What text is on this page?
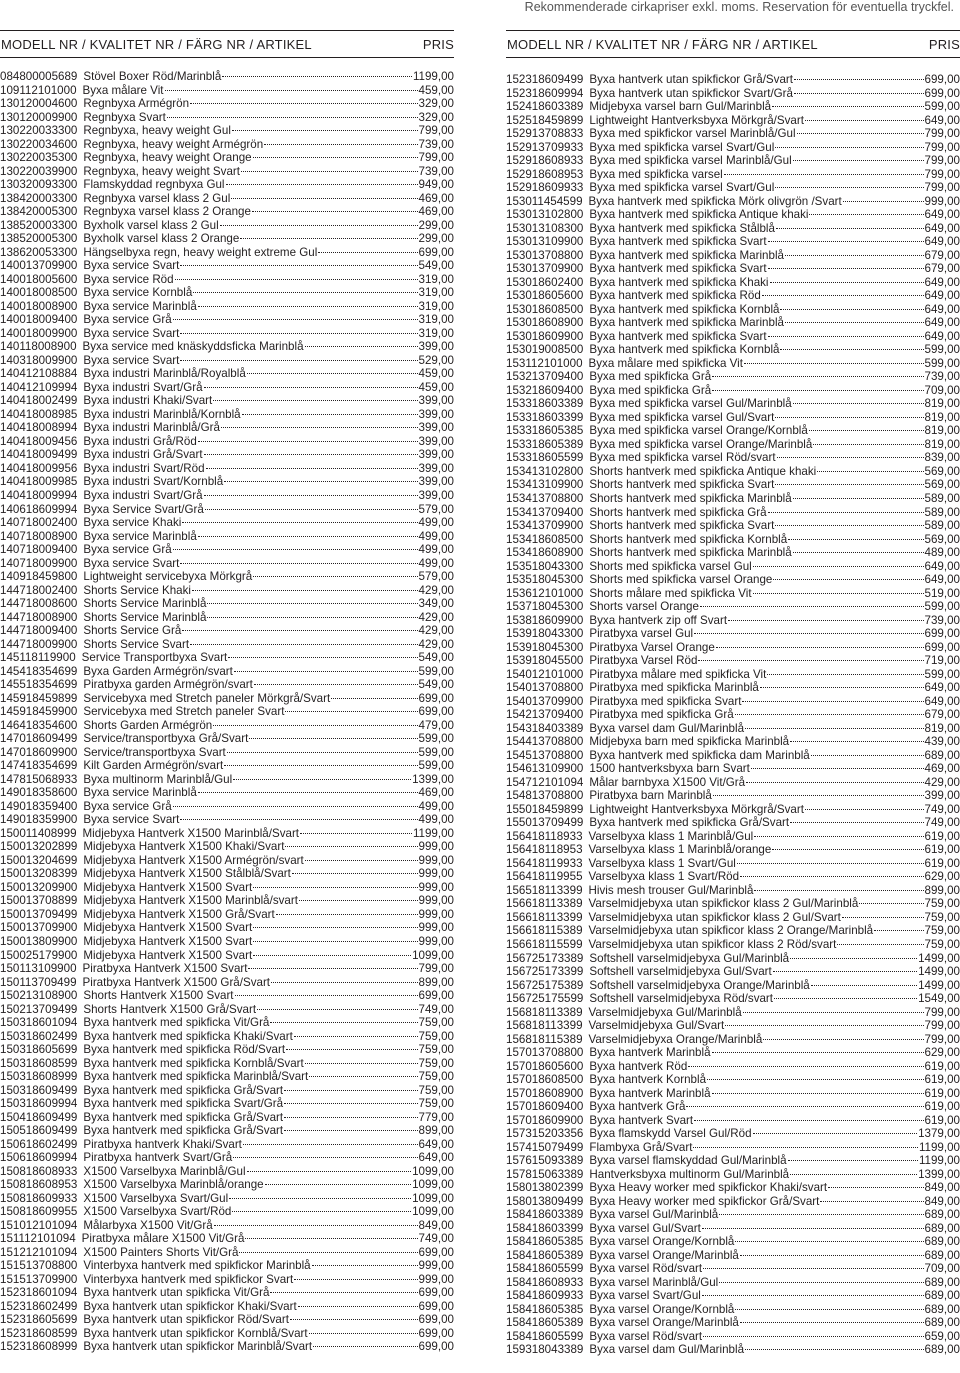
Rekommenderade cirkapriser exkl. moms. Reservation för eventuella tryckfel.
MODELL NR / KVALITET NR / FÄRG NR / ARTIKEL	PRIS
084800005689 Stövel Boxer Röd/Marinblå	1199,00
109112101000 Byxa målare Vit	459,00
130120004600 Regnbyxa Armégrön	329,00
130120009900 Regnbyxa Svart	329,00
130220033300 Regnbyxa, heavy weight Gul	799,00
130220034600 Regnbyxa, heavy weight Armégrön	739,00
130220035300 Regnbyxa, heavy weight Orange	799,00
130220039900 Regnbyxa, heavy weight Svart	739,00
130320093300 Flamskyddad regnbyxa Gul	949,00
138420003300 Regnbyxa varsel klass 2 Gul	469,00
138420005300 Regnbyxa varsel klass 2 Orange	469,00
138520003300 Byxholk varsel klass 2 Gul	299,00
138520005300 Byxholk varsel klass 2 Orange	299,00
138620053300 Hängselbyxa regn, heavy weight extreme Gul	699,00
140013709900 Byxa service Svart	549,00
140018005600 Byxa service Röd	319,00
140018008500 Byxa service Kornblå	319,00
140018008900 Byxa service Marinblå	319,00
140018009400 Byxa service Grå	319,00
140018009900 Byxa service Svart	319,00
140118008900 Byxa service med knäskyddsficka Marinblå	399,00
140318009900 Byxa service Svart	529,00
140412108884 Byxa industri Marinblå/Royalblå	459,00
140412109994 Byxa industri Svart/Grå	459,00
140418002499 Byxa industri Khaki/Svart	399,00
140418008985 Byxa industri Marinblå/Kornblå	399,00
140418008994 Byxa industri Marinblå/Grå	399,00
140418009456 Byxa industri Grå/Röd	399,00
140418009499 Byxa industri Grå/Svart	399,00
140418009956 Byxa industri Svart/Röd	399,00
140418009985 Byxa industri Svart/Kornblå	399,00
140418009994 Byxa industri Svart/Grå	399,00
140618609994 Byxa Service Svart/Grå	579,00
140718002400 Byxa service Khaki	499,00
140718008900 Byxa service Marinblå	499,00
140718009400 Byxa service Grå	499,00
140718009900 Byxa service Svart	499,00
140918459800 Lightweight servicebyxa Mörkgrå	579,00
144718002400 Shorts Service Khaki	429,00
144718008600 Shorts Service Marinblå	349,00
144718008900 Shorts Service Marinblå	429,00
144718009400 Shorts Service Grå	429,00
144718009900 Shorts Service Svart	429,00
145118119900 Service Transportbyxa Svart	549,00
145418354699 Byxa Garden Armégrön/svart	599,00
145518354699 Piratbyxa garden Armégrön/svart	549,00
145918459899 Servicebyxa med Stretch paneler Mörkgrå/Svart	699,00
145918459900 Servicebyxa med Stretch paneler Svart	699,00
146418354600 Shorts Garden Armégrön	479,00
147018609499 Service/transportbyxa Grå/Svart	599,00
147018609900 Service/transportbyxa Svart	599,00
147418354699 Kilt Garden Armégrön/svart	599,00
147815068933 Byxa multinorm Marinblå/Gul	1399,00
149018358600 Byxa service Marinblå	469,00
149018359400 Byxa service Grå	499,00
149018359900 Byxa service Svart	499,00
150011408999 Midjebyxa Hantverk X1500 Marinblå/Svart	1199,00
150013202899 Midjebyxa Hantverk X1500 Khaki/Svart	999,00
150013204699 Midjebyxa Hantverk X1500 Armégrön/svart	999,00
150013208399 Midjebyxa Hantverk X1500 Stålblå/Svart	999,00
150013209900 Midjebyxa Hantverk X1500 Svart	999,00
150013708899 Midjebyxa Hantverk X1500 Marinblå/svart	999,00
150013709499 Midjebyxa Hantverk X1500 Grå/Svart	999,00
150013709900 Midjebyxa Hantverk X1500 Svart	999,00
150013809900 Midjebyxa Hantverk X1500 Svart	999,00
150025179900 Midjebyxa Hantverk X1500 Svart	1099,00
150113109900 Piratbyxa Hantverk X1500 Svart	799,00
150113709499 Piratbyxa Hantverk X1500 Grå/Svart	899,00
150213108900 Shorts Hantverk X1500 Svart	699,00
150213709499 Shorts Hantverk X1500 Grå/Svart	749,00
150318601094 Byxa hantverk med spikficka Vit/Grå	759,00
150318602499 Byxa hantverk med spikficka Khaki/Svart	759,00
150318605699 Byxa hantverk med spikficka Röd/Svart	759,00
150318608599 Byxa hantverk med spikficka Kornblå/Svart	759,00
150318608999 Byxa hantverk med spikficka Marinblå/Svart	759,00
150318609499 Byxa hantverk med spikficka Grå/Svart	759,00
150318609994 Byxa hantverk med spikficka Svart/Grå	759,00
150418609499 Byxa hantverk med spikficka Grå/Svart	779,00
150518609499 Byxa hantverk med spikficka Grå/Svart	899,00
150618602499 Piratbyxa hantverk Khaki/Svart	649,00
150618609994 Piratbyxa hantverk Svart/Grå	649,00
150818608933 X1500 Varselbyxa Marinblå/Gul	1099,00
150818608953 X1500 Varselbyxa Marinblå/orange	1099,00
150818609933 X1500 Varselbyxa Svart/Gul	1099,00
150818609955 X1500 Varselbyxa Svart/Röd	1099,00
151012101094 Målarbyxa X1500 Vit/Grå	849,00
151112101094 Piratbyxa målare X1500 Vit/Grå	749,00
151212101094 X1500 Painters Shorts Vit/Grå	699,00
151513708800 Vinterbyxa hantverk med spikfickor Marinblå	999,00
151513709900 Vinterbyxa hantverk med spikfickor Svart	999,00
152318601094 Byxa hantverk utan spikficka Vit/Grå	699,00
152318602499 Byxa hantverk utan spikfickor Khaki/Svart	699,00
152318605699 Byxa hantverk utan spikfickor Röd/Svart	699,00
152318608599 Byxa hantverk utan spikfickor Kornblå/Svart	699,00
152318608999 Byxa hantverk utan spikfickor Marinblå/Svart	699,00
MODELL NR / KVALITET NR / FÄRG NR / ARTIKEL	PRIS
152318609499 Byxa hantverk utan spikfickor Grå/Svart	699,00
152318609994 Byxa hantverk utan spikfickor Svart/Grå	699,00
152418603389 Midjebyxa varsel barn Gul/Marinblå	599,00
152518459899 Lightweight Hantverksbyxa Mörkgrå/Svart	649,00
152913708833 Byxa med spikfickor varsel Marinblå/Gul	799,00
152913709933 Byxa med spikficka varsel Svart/Gul	799,00
152918608933 Byxa med spikficka varsel Marinblå/Gul	799,00
152918608953 Byxa med spikficka varsel	799,00
152918609933 Byxa med spikficka varsel Svart/Gul	799,00
153011454599 Byxa hantverk med spikficka Mörk olivgrön /Svart	999,00
153013102800 Byxa hantverk med spikficka Antique khaki	649,00
153013108300 Byxa hantverk med spikficka Stålblå	649,00
153013109900 Byxa hantverk med spikficka Svart	649,00
153013708800 Byxa hantverk med spikficka Marinblå	679,00
153013709900 Byxa hantverk med spikficka Svart	679,00
153018602400 Byxa hantverk med spikficka Khaki	649,00
153018605600 Byxa hantverk med spikficka Röd	649,00
153018608500 Byxa hantverk med spikficka Kornblå	649,00
153018608900 Byxa hantverk med spikficka Marinblå	649,00
153018609900 Byxa hantverk med spikficka Svart	649,00
153019008500 Byxa hantverk med spikficka Kornblå	599,00
153112101000 Byxa målare med spikficka Vit	599,00
153213709400 Byxa med spikficka Grå	739,00
153218609400 Byxa med spikficka Grå	709,00
153318603389 Byxa med spikficka varsel Gul/Marinblå	819,00
153318603399 Byxa med spikficka varsel Gul/Svart	819,00
153318605385 Byxa med spikficka varsel Orange/Kornblå	819,00
153318605389 Byxa med spikficka varsel Orange/Marinblå	819,00
153318605599 Byxa med spikficka varsel Röd/svart	839,00
153413102800 Shorts hantverk med spikficka Antique khaki	569,00
153413109900 Shorts hantverk med spikficka Svart	569,00
153413708800 Shorts hantverk med spikficka Marinblå	589,00
153413709400 Shorts hantverk med spikficka Grå	589,00
153413709900 Shorts hantverk med spikficka Svart	589,00
153418608500 Shorts hantverk med spikficka Kornblå	569,00
153418608900 Shorts hantverk med spikficka Marinblå	489,00
153518043300 Shorts med spikficka varsel Gul	649,00
153518045300 Shorts med spikficka varsel Orange	649,00
153612101000 Shorts målare med spikficka Vit	519,00
153718045300 Shorts varsel Orange	599,00
153818609900 Byxa hantverk zip off Svart	739,00
153918043300 Piratbyxa varsel Gul	699,00
153918045300 Piratbyxa Varsel Orange	699,00
153918045500 Piratbyxa Varsel Röd	719,00
154012101000 Piratbyxa målare med spikficka Vit	599,00
154013708800 Piratbyxa med spikficka Marinblå	649,00
154013709900 Piratbyxa med spikficka Svart	649,00
154213709400 Piratbyxa med spikficka Grå	679,00
154318403389 Byxa varsel dam Gul/Marinblå	819,00
154413708800 Midjebyxa barn med spikficka Marinblå	439,00
154513708800 Byxa hantverk med spikficka dam Marinblå	689,00
154613109900 1500 hantverksbyxa barn Svart	469,00
154712101094 Målar barnbyxa X1500 Vit/Grå	429,00
154813708800 Piratbyxa barn Marinblå	399,00
155018459899 Lightweight Hantverksbyxa Mörkgrå/Svart	749,00
155013709499 Byxa hantverk med spikficka Grå/Svart	749,00
156418118933 Varselbyxa klass 1 Marinblå/Gul	619,00
156418118953 Varselbyxa klass 1 Marinblå/orange	619,00
156418119933 Varselbyxa klass 1 Svart/Gul	619,00
156418119955 Varselbyxa klass 1 Svart/Röd	629,00
156518113399 Hivis mesh trouser Gul/Marinblå	899,00
156618113389 Varselmidjebyxa utan spikfickor klass 2 Gul/Marinblå	759,00
156618113399 Varselmidjebyxa utan spikfickor klass 2 Gul/Svart	759,00
156618115389 Varselmidjebyxa utan spikficor klass 2 Orange/Marinblå	759,00
156618115599 Varselmidjebyxa utan spikficor klass 2 Röd/svart	759,00
156725173389 Softshell varselmidjebyxa Gul/Marinblå	1499,00
156725173399 Softshell varselmidjebyxa Gul/Svart	1499,00
156725175389 Softshell varselmidjebyxa Orange/Marinblå	1499,00
156725175599 Softshell varselmidjebyxa Röd/svart	1549,00
156818113389 Varselmidjebyxa Gul/Marinblå	799,00
156818113399 Varselmidjebyxa Gul/Svart	799,00
156818115389 Varselmidjebyxa Orange/Marinblå	799,00
157013708800 Byxa hantverk Marinblå	629,00
157018605600 Byxa hantverk Röd	619,00
157018608500 Byxa hantverk Kornblå	619,00
157018608900 Byxa hantverk Marinblå	619,00
157018609400 Byxa hantverk Grå	619,00
157018609900 Byxa hantverk Svart	619,00
157315203356 Byxa flamskydd Varsel Gul/Röd	1379,00
157415079499 Flambyxa Grå/Svart	1199,00
157615093389 Byxa varsel flamskyddad Gul/Marinblå	1199,00
157815063389 Hantverksbyxa multinorm Gul/Marinblå	1399,00
158013802399 Byxa Heavy worker med spikfickor Khaki/svart	849,00
158013809499 Byxa Heavy worker med spikfickor Grå/Svart	849,00
158418603389 Byxa varsel Gul/Marinblå	689,00
158418603399 Byxa varsel Gul/Svart	689,00
158418605385 Byxa varsel Orange/Kornblå	689,00
158418605389 Byxa varsel Orange/Marinblå	689,00
158418605599 Byxa varsel Röd/svart	709,00
158418608933 Byxa varsel Marinblå/Gul	689,00
158418609933 Byxa varsel Svart/Gul	689,00
158418605385 Byxa varsel Orange/Kornblå	689,00
158418605389 Byxa varsel Orange/Marinblå	689,00
158418605599 Byxa varsel Röd/svart	659,00
159318043389 Byxa varsel dam Gul/Marinblå	689,00
